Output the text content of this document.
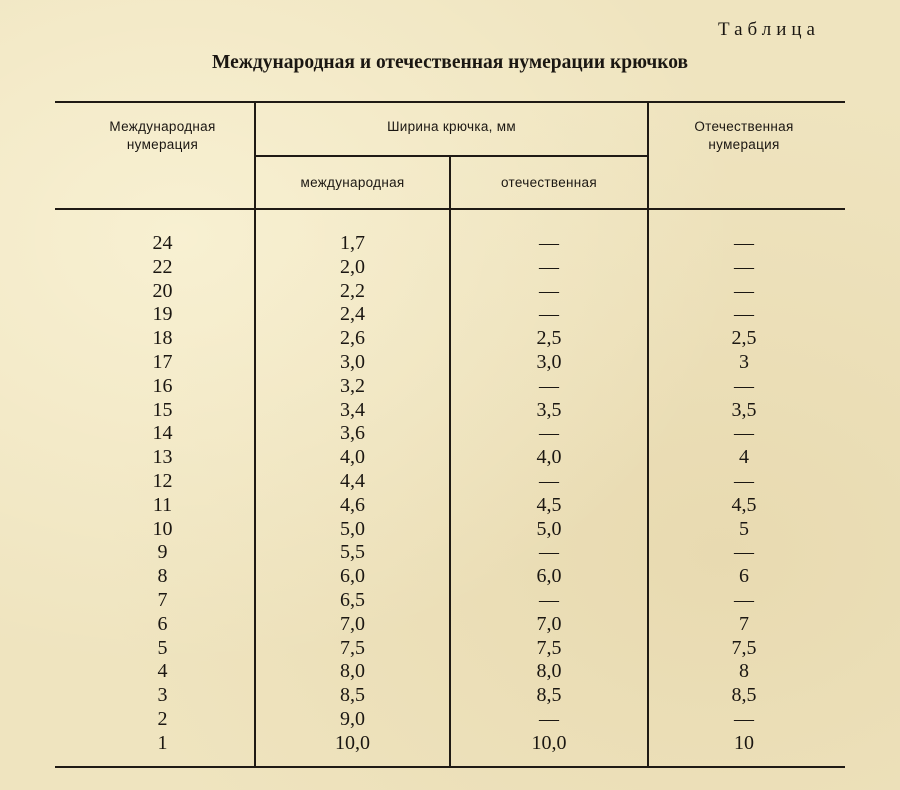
Таблица
Международная и отечественная нумерации крючков
Международная
нумерация
Ширина крючка, мм
международная	отечественная
Отечественная
нумерация
24	1,7	—	—
22	2,0	—	—
20	2,2	—	—
19	2,4	—	—
18	2,6	2,5	2,5
17	3,0	3,0	3
16	3,2	—	—
15	3,4	3,5	3,5
14	3,6	—	—
13	4,0	4,0	4
12	4,4	—	—
11	4,6	4,5	4,5
10	5,0	5,0	5
9	5,5	—	—
8	6,0	6,0	6
7	6,5	—	—
6	7,0	7,0	7
5	7,5	7,5	7,5
4	8,0	8,0	8
3	8,5	8,5	8,5
2	9,0	—	—
1	10,0	10,0	10
